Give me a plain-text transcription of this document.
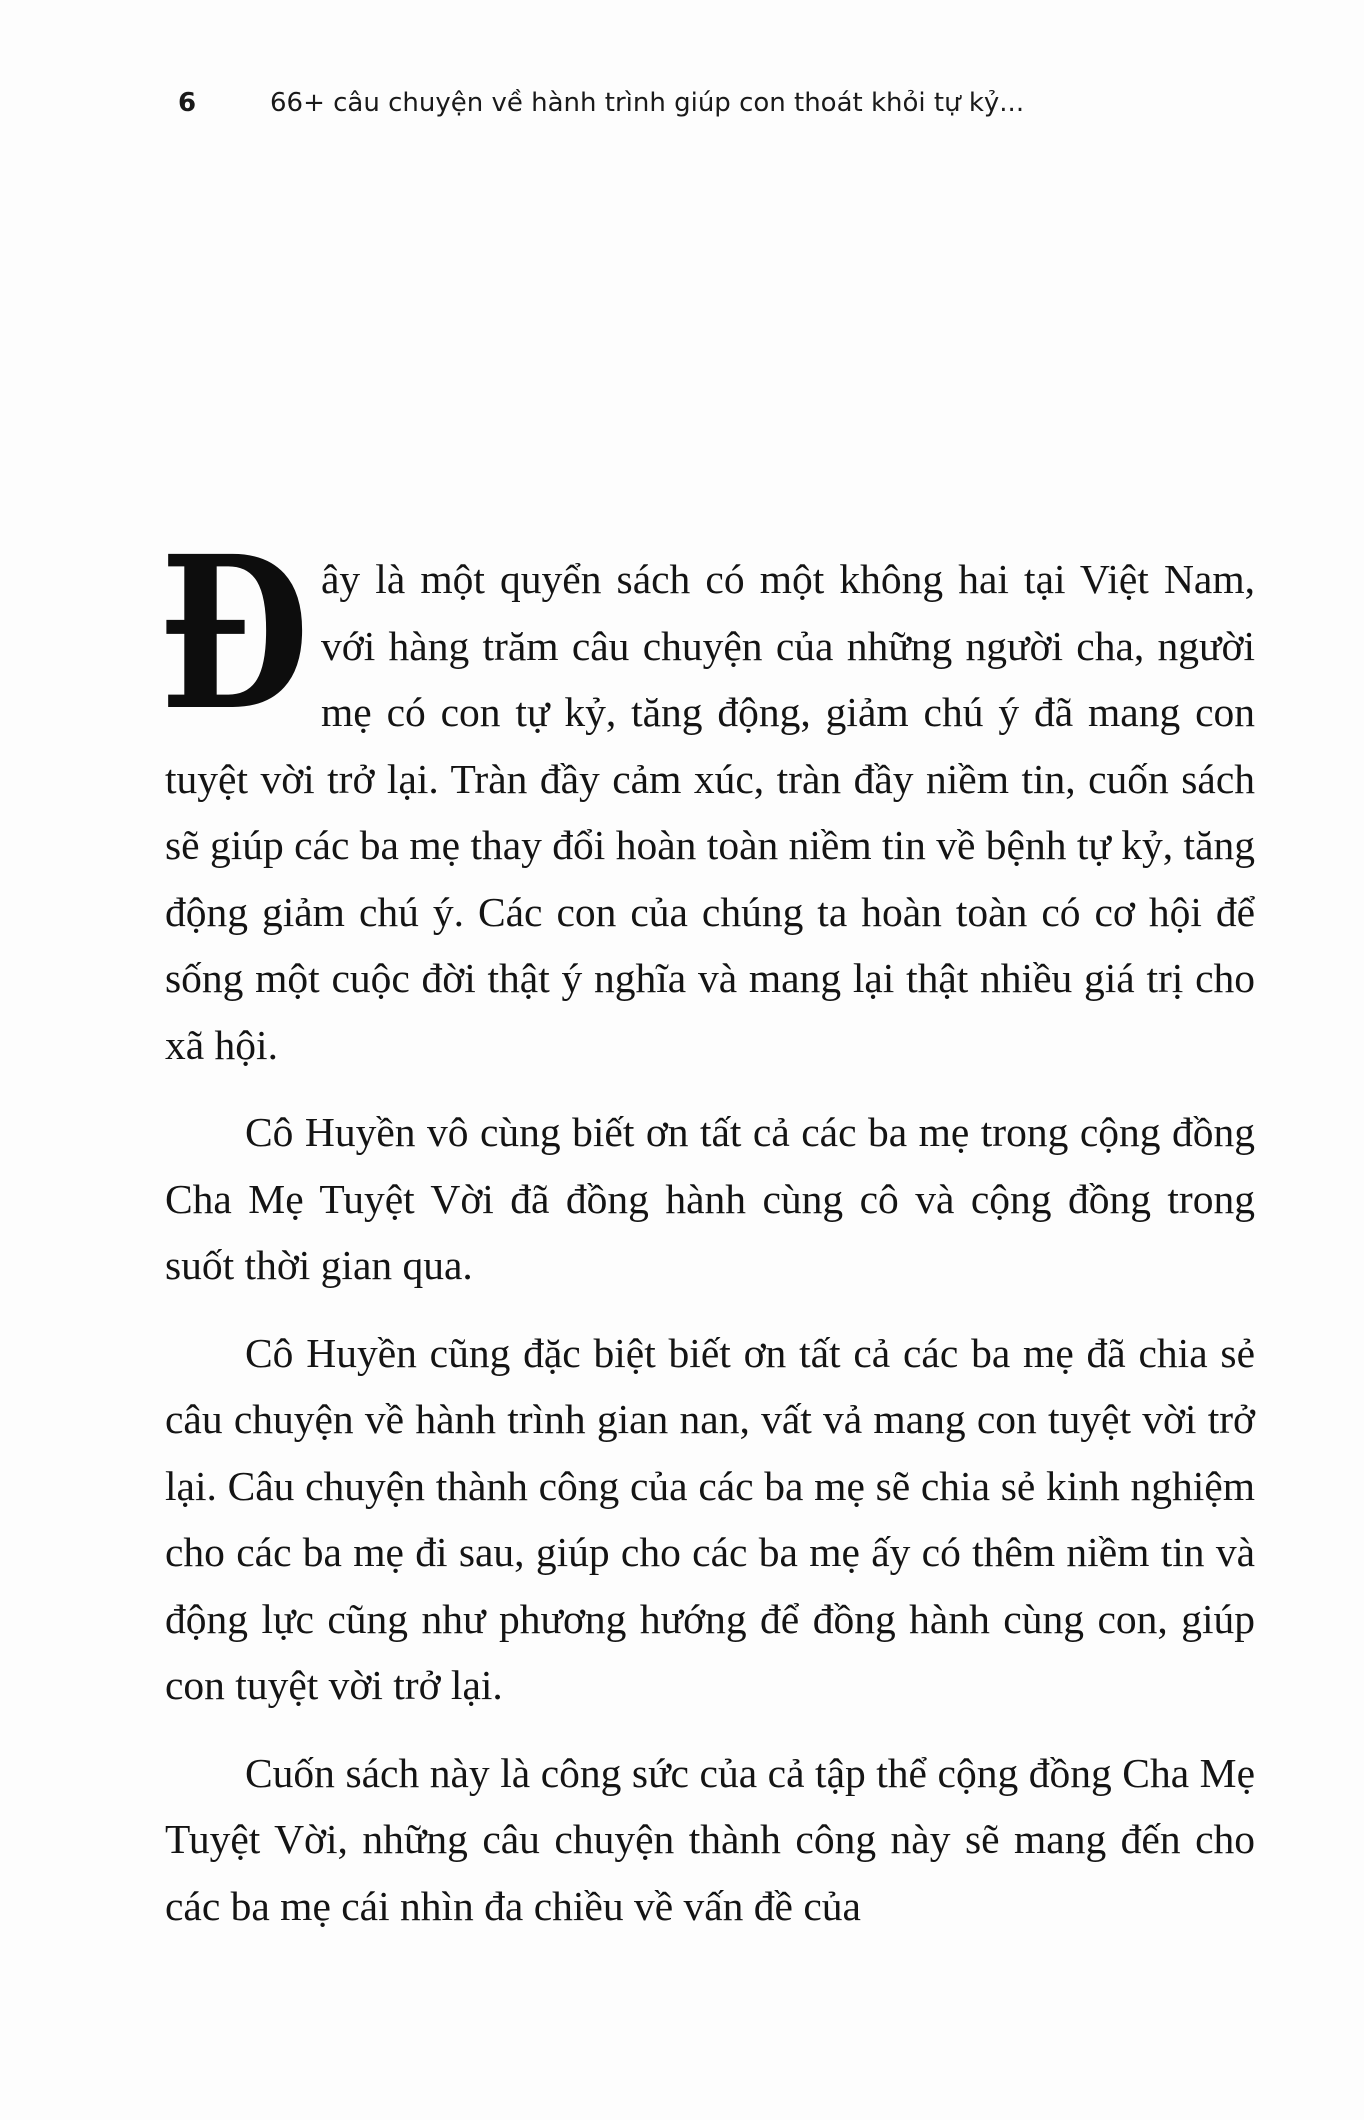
6	66+ câu chuyện về hành trình giúp con thoát khỏi tự kỷ...

Đây là một quyển sách có một không hai tại Việt Nam, với hàng trăm câu chuyện của những người cha, người mẹ có con tự kỷ, tăng động, giảm chú ý đã mang con tuyệt vời trở lại. Tràn đầy cảm xúc, tràn đầy niềm tin, cuốn sách sẽ giúp các ba mẹ thay đổi hoàn toàn niềm tin về bệnh tự kỷ, tăng động giảm chú ý. Các con của chúng ta hoàn toàn có cơ hội để sống một cuộc đời thật ý nghĩa và mang lại thật nhiều giá trị cho xã hội.

Cô Huyền vô cùng biết ơn tất cả các ba mẹ trong cộng đồng Cha Mẹ Tuyệt Vời đã đồng hành cùng cô và cộng đồng trong suốt thời gian qua.

Cô Huyền cũng đặc biệt biết ơn tất cả các ba mẹ đã chia sẻ câu chuyện về hành trình gian nan, vất vả mang con tuyệt vời trở lại. Câu chuyện thành công của các ba mẹ sẽ chia sẻ kinh nghiệm cho các ba mẹ đi sau, giúp cho các ba mẹ ấy có thêm niềm tin và động lực cũng như phương hướng để đồng hành cùng con, giúp con tuyệt vời trở lại.

Cuốn sách này là công sức của cả tập thể cộng đồng Cha Mẹ Tuyệt Vời, những câu chuyện thành công này sẽ mang đến cho các ba mẹ cái nhìn đa chiều về vấn đề của
